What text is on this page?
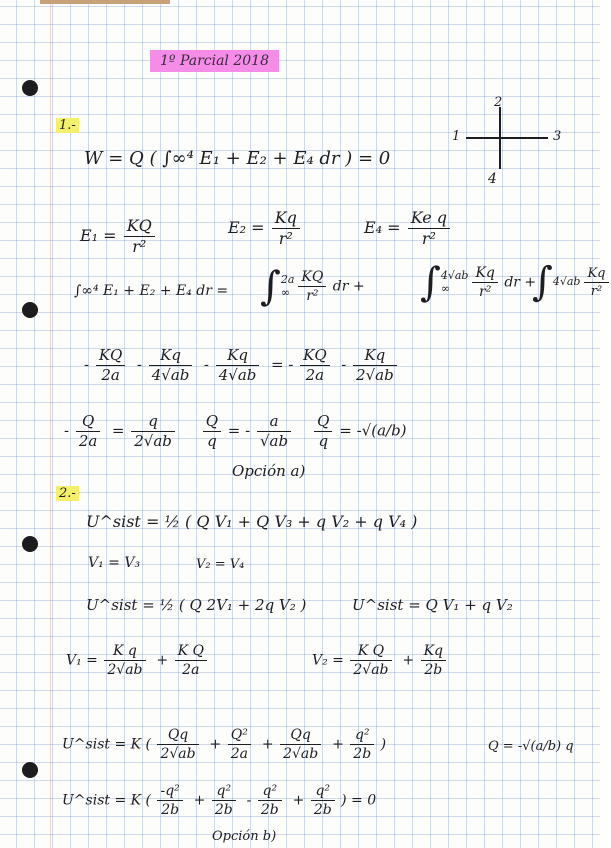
1º Parcial 2018
1.-
W = Q ( ∫∞⁴ E₁ + E₂ + E₄ dr ) = 0
2
1	3
4
$E_1 = \frac{KQ}{\text{r²}}$	$E_2 = \frac{Kq}{\text{r²}}$	$E_4 = \frac{\text{Ke q}}{\text{r²}}$
∫∞⁴ E₁ + E₂ + E₄ dr = ∫ 2a
∞ $\frac{KQ}{\text{r²}}$ dr + ∫ 4√ab
∞	$\frac{Kq}{\text{r²}}$ dr +
∫ $4√ab \frac{Kq}{\text{r²}}$
- $\frac{KQ}{2a} - \frac{Kq}{4√ab} - \frac{Kq}{4√ab}$ = - $\frac{KQ}{2a} - \frac{Kq}{2√ab}$
- $\frac{Q}{2a} = \frac{q}{2√ab}$
$\frac{Q}{q}$ = - $\frac{a}{√ab}$
$\frac{Q}{q} = -√(a/b)$
Opción a)
2.-
U^sist = ½ ( Q V₁ + Q V₃ + q V₂ + q V₄ )
V₁ = V₃	V₂ = V₄
U^sist = ½ ( Q 2V₁ + 2q V₂ )	U^sist = Q V₁ + q V₂
$V_1 = \frac{\text{K q}}{2√ab} + \frac{\text{K Q}}{2a}$	$V_2 = \frac{\text{K Q}}{2√ab} + \frac{Kq}{2b}$
U^sist = K ( $\frac{Qq}{2√ab} + \frac{\text{Q²}}{2a} + \frac{Qq}{2√ab} + \frac{\text{q²}}{2b}$ )	Q = -√(a/b) q
U^sist = K ( $\frac{\text{-q²}}{2b} + \frac{\text{q²}}{2b} - \frac{\text{q²}}{2b} + \frac{\text{q²}}{2b}$ ) = 0
Opción b)
